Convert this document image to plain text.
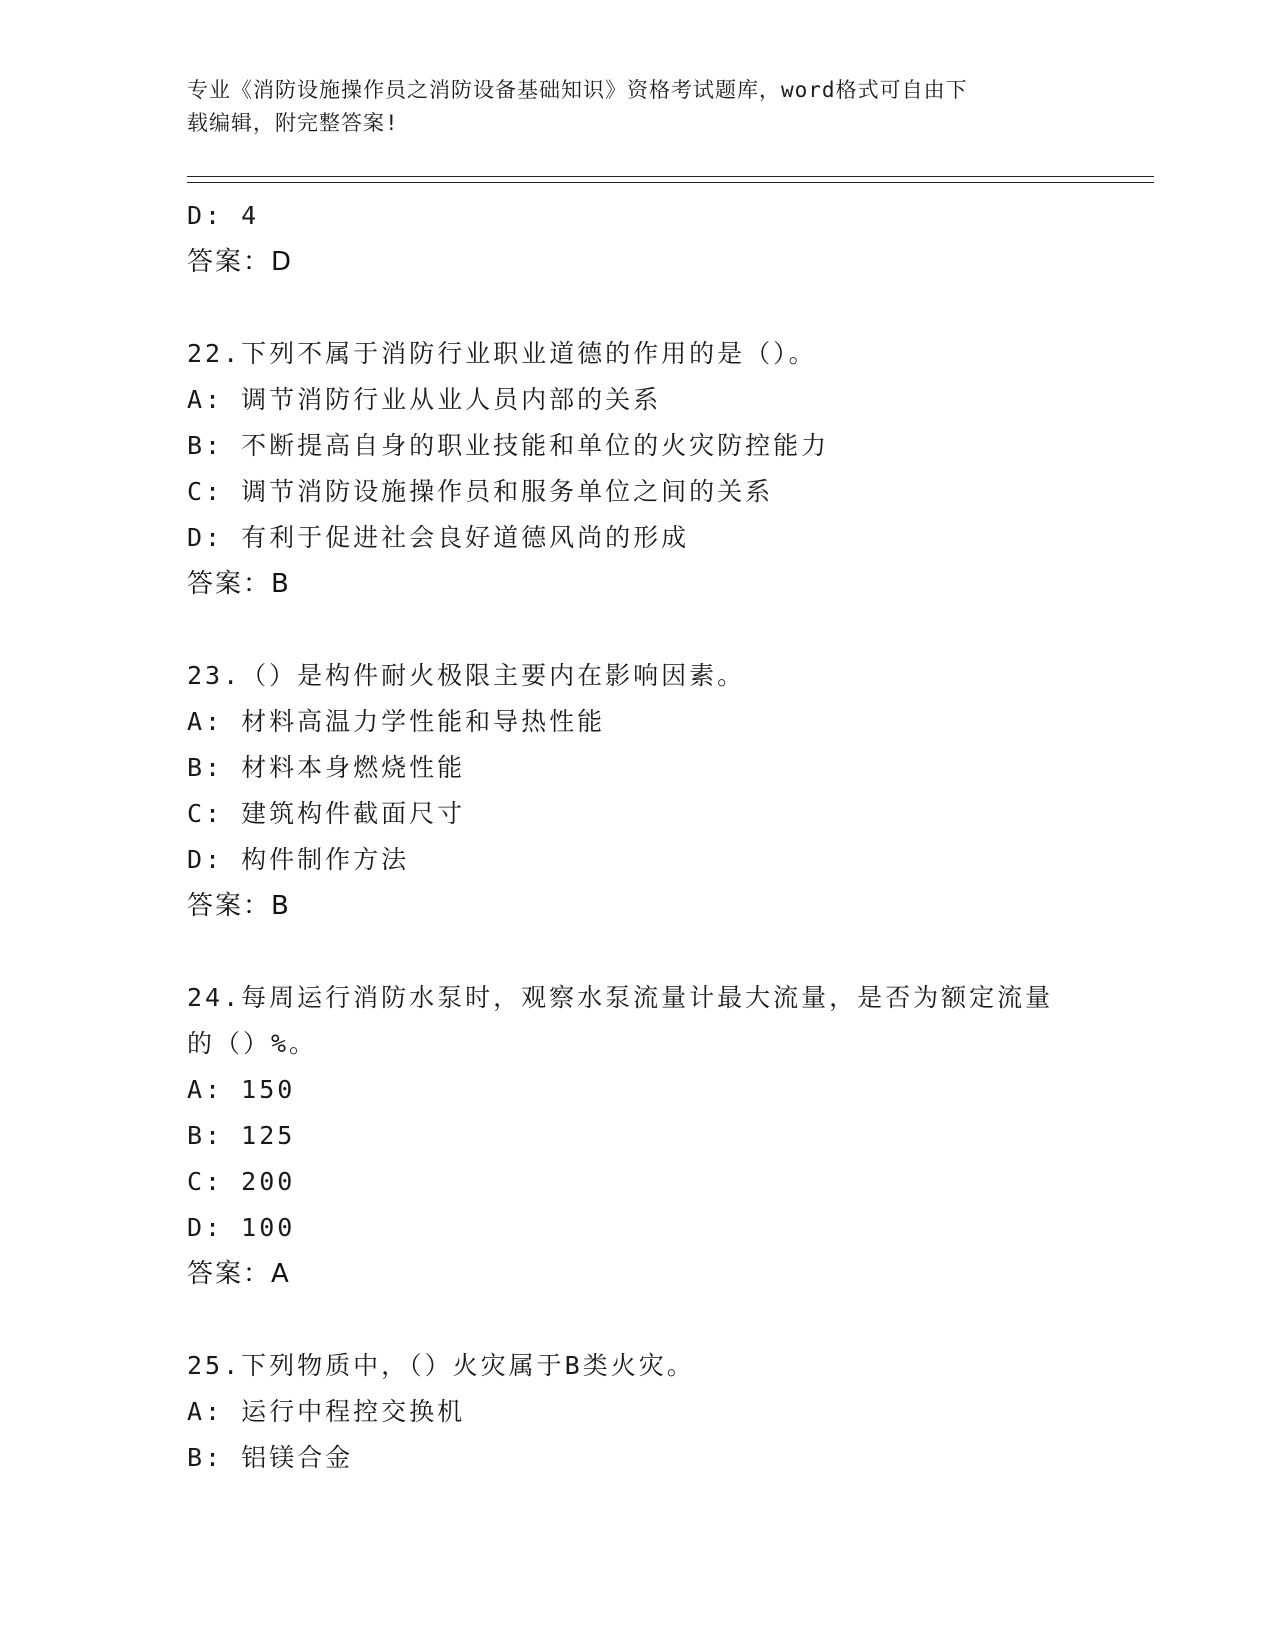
专业《消防设施操作员之消防设备基础知识》资格考试题库，word格式可自由下
载编辑，附完整答案!
D: 4
答案：D
22.下列不属于消防行业职业道德的作用的是（）。
A: 调节消防行业从业人员内部的关系
B: 不断提高自身的职业技能和单位的火灾防控能力
C: 调节消防设施操作员和服务单位之间的关系
D: 有利于促进社会良好道德风尚的形成
答案：B
23.（）是构件耐火极限主要内在影响因素。
A: 材料高温力学性能和导热性能
B: 材料本身燃烧性能
C: 建筑构件截面尺寸
D: 构件制作方法
答案：B
24.每周运行消防水泵时，观察水泵流量计最大流量，是否为额定流量
的（）%。
A: 150
B: 125
C: 200
D: 100
答案：A
25.下列物质中，（）火灾属于B类火灾。
A: 运行中程控交换机
B: 铝镁合金
